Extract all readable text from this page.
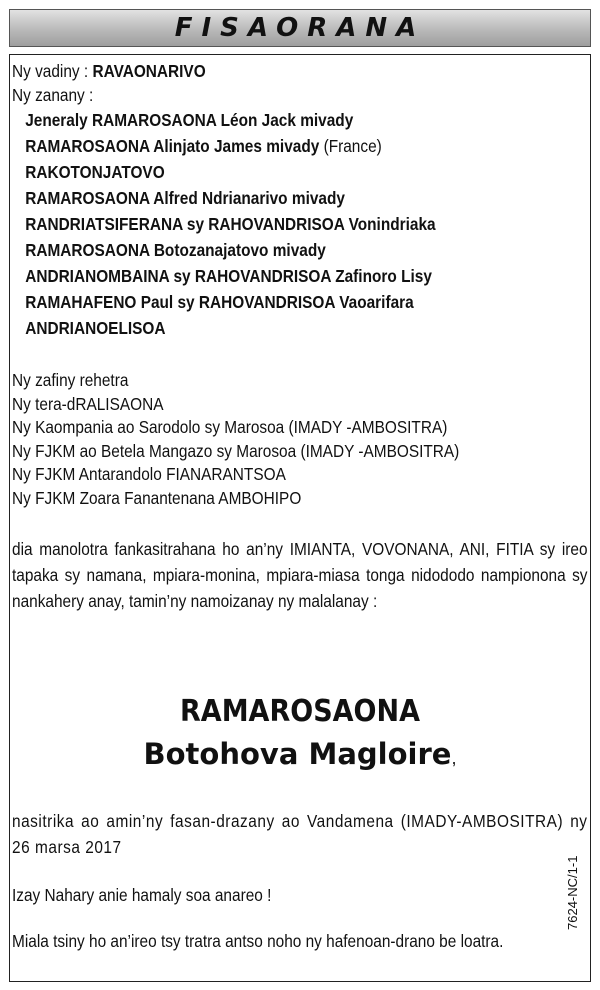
FISAORANA
Ny vadiny : RAVAONARIVO
Ny zanany :
Jeneraly RAMAROSAONA Léon Jack mivady
RAMAROSAONA Alinjato James mivady (France)
RAKOTONJATOVO
RAMAROSAONA Alfred Ndrianarivo mivady
RANDRIATSIFERANA sy RAHOVANDRISOA Vonindriaka
RAMAROSAONA Botozanajatovo mivady
ANDRIANOMBAINA sy RAHOVANDRISOA Zafinoro Lisy
RAMAHAFENO Paul sy RAHOVANDRISOA Vaoarifara
ANDRIANOELISOA
Ny zafiny rehetra
Ny tera-dRALISAONA
Ny Kaompania ao Sarodolo sy Marosoa (IMADY -AMBOSITRA)
Ny FJKM ao Betela Mangazo sy Marosoa (IMADY -AMBOSITRA)
Ny FJKM Antarandolo FIANARANTSOA
Ny FJKM Zoara Fanantenana AMBOHIPO
dia manolotra fankasitrahana ho an’ny IMIANTA, VOVONANA, ANI, FITIA sy ireo tapaka sy namana, mpiara-monina, mpiara-miasa tonga nidododo nampionona sy nankahery anay, tamin’ny namoizanay ny malalanay :
RAMAROSAONA
Botohova Magloire,
nasitrika ao amin’ny fasan-drazany ao Vandamena (IMADY-AMBOSITRA) ny 26 marsa 2017
Izay Nahary anie hamaly soa anareo !
Miala tsiny ho an’ireo tsy tratra antso noho ny hafenoan-drano be loatra.
7624-NC/1-1
